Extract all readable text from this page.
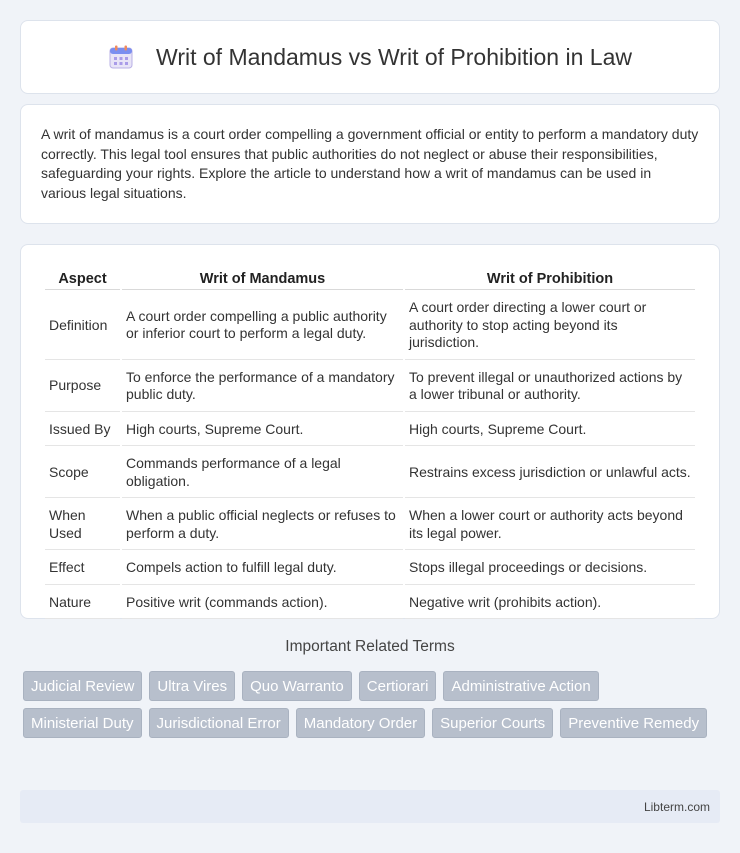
Writ of Mandamus vs Writ of Prohibition in Law

A writ of mandamus is a court order compelling a government official or entity to perform a mandatory duty correctly. This legal tool ensures that public authorities do not neglect or abuse their responsibilities, safeguarding your rights. Explore the article to understand how a writ of mandamus can be used in various legal situations.

Aspect	Writ of Mandamus	Writ of Prohibition
Definition	A court order compelling a public authority or inferior court to perform a legal duty.	A court order directing a lower court or authority to stop acting beyond its jurisdiction.
Purpose	To enforce the performance of a mandatory public duty.	To prevent illegal or unauthorized actions by a lower tribunal or authority.
Issued By	High courts, Supreme Court.	High courts, Supreme Court.
Scope	Commands performance of a legal obligation.	Restrains excess jurisdiction or unlawful acts.
When Used	When a public official neglects or refuses to perform a duty.	When a lower court or authority acts beyond its legal power.
Effect	Compels action to fulfill legal duty.	Stops illegal proceedings or decisions.
Nature	Positive writ (commands action).	Negative writ (prohibits action).
Important Related Terms
Judicial Review	Ultra Vires	Quo Warranto	Certiorari	Administrative Action
Ministerial Duty	Jurisdictional Error	Mandatory Order	Superior Courts	Preventive Remedy
Libterm.com
